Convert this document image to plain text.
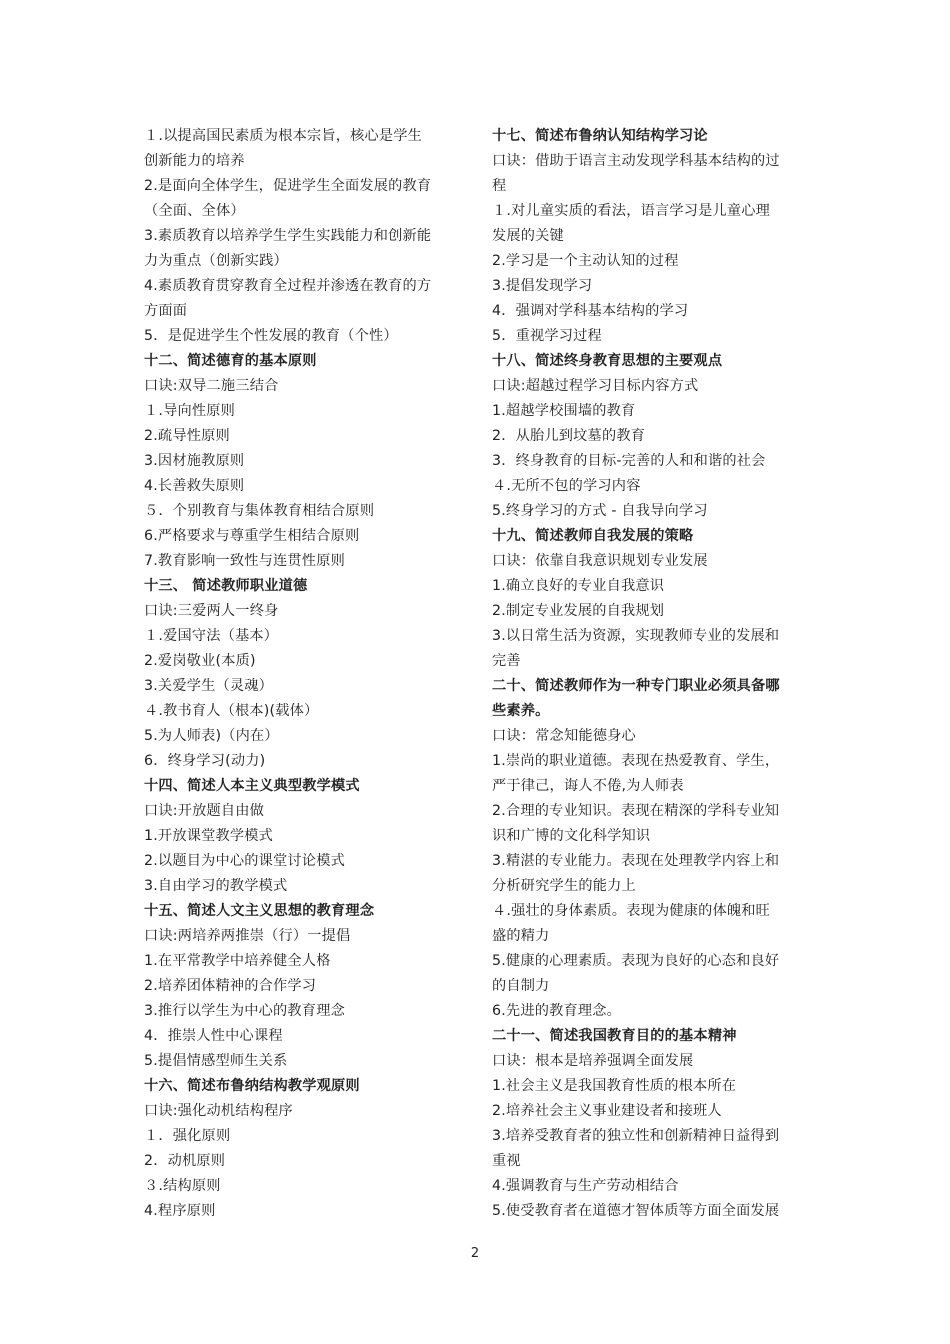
１.以提高国民素质为根本宗旨，核心是学生
创新能力的培养
2.是面向全体学生，促进学生全面发展的教育
（全面、全体）
3.素质教育以培养学生学生实践能力和创新能
力为重点（创新实践）
4.素质教育贯穿教育全过程并渗透在教育的方
方面面
5．是促进学生个性发展的教育（个性）
十二、简述德育的基本原则
口诀:双导二施三结合
１.导向性原则
2.疏导性原则
3.因材施教原则
4.长善救失原则
５．个别教育与集体教育相结合原则
6.严格要求与尊重学生相结合原则
7.教育影响一致性与连贯性原则
十三、 简述教师职业道德
口诀:三爱两人一终身
１.爱国守法（基本）
2.爱岗敬业(本质)
3.关爱学生（灵魂）
４.教书育人（根本)(载体）
5.为人师表)（内在）
6．终身学习(动力)
十四、简述人本主义典型教学模式
口诀:开放题自由做
1.开放课堂教学模式
2.以题目为中心的课堂讨论模式
3.自由学习的教学模式
十五、简述人文主义思想的教育理念
口诀:两培养两推崇（行）一提倡
1.在平常教学中培养健全人格
2.培养团体精神的合作学习
3.推行以学生为中心的教育理念
4．推崇人性中心课程
5.提倡情感型师生关系
十六、简述布鲁纳结构教学观原则
口诀:强化动机结构程序
１．强化原则
2．动机原则
３.结构原则
4.程序原则
十七、简述布鲁纳认知结构学习论
口诀：借助于语言主动发现学科基本结构的过
程
１.对儿童实质的看法，语言学习是儿童心理
发展的关键
2.学习是一个主动认知的过程
3.提倡发现学习
4．强调对学科基本结构的学习
5．重视学习过程
十八、简述终身教育思想的主要观点
口诀:超越过程学习目标内容方式
1.超越学校围墙的教育
2．从胎儿到坟墓的教育
3．终身教育的目标-完善的人和和谐的社会
４.无所不包的学习内容
5.终身学习的方式 - 自我导向学习
十九、简述教师自我发展的策略
口诀：依靠自我意识规划专业发展
1.确立良好的专业自我意识
2.制定专业发展的自我规划
3.以日常生活为资源，实现教师专业的发展和
完善
二十、简述教师作为一种专门职业必须具备哪
些素养。
口诀：常念知能德身心
1.崇尚的职业道德。表现在热爱教育、学生，
严于律己，诲人不倦,为人师表
2.合理的专业知识。表现在精深的学科专业知
识和广博的文化科学知识
3.精湛的专业能力。表现在处理教学内容上和
分析研究学生的能力上
４.强壮的身体素质。表现为健康的体魄和旺
盛的精力
5.健康的心理素质。表现为良好的心态和良好
的自制力
6.先进的教育理念。
二十一、简述我国教育目的的基本精神
口诀：根本是培养强调全面发展
1.社会主义是我国教育性质的根本所在
2.培养社会主义事业建设者和接班人
3.培养受教育者的独立性和创新精神日益得到
重视
4.强调教育与生产劳动相结合
5.使受教育者在道德才智体质等方面全面发展
2
